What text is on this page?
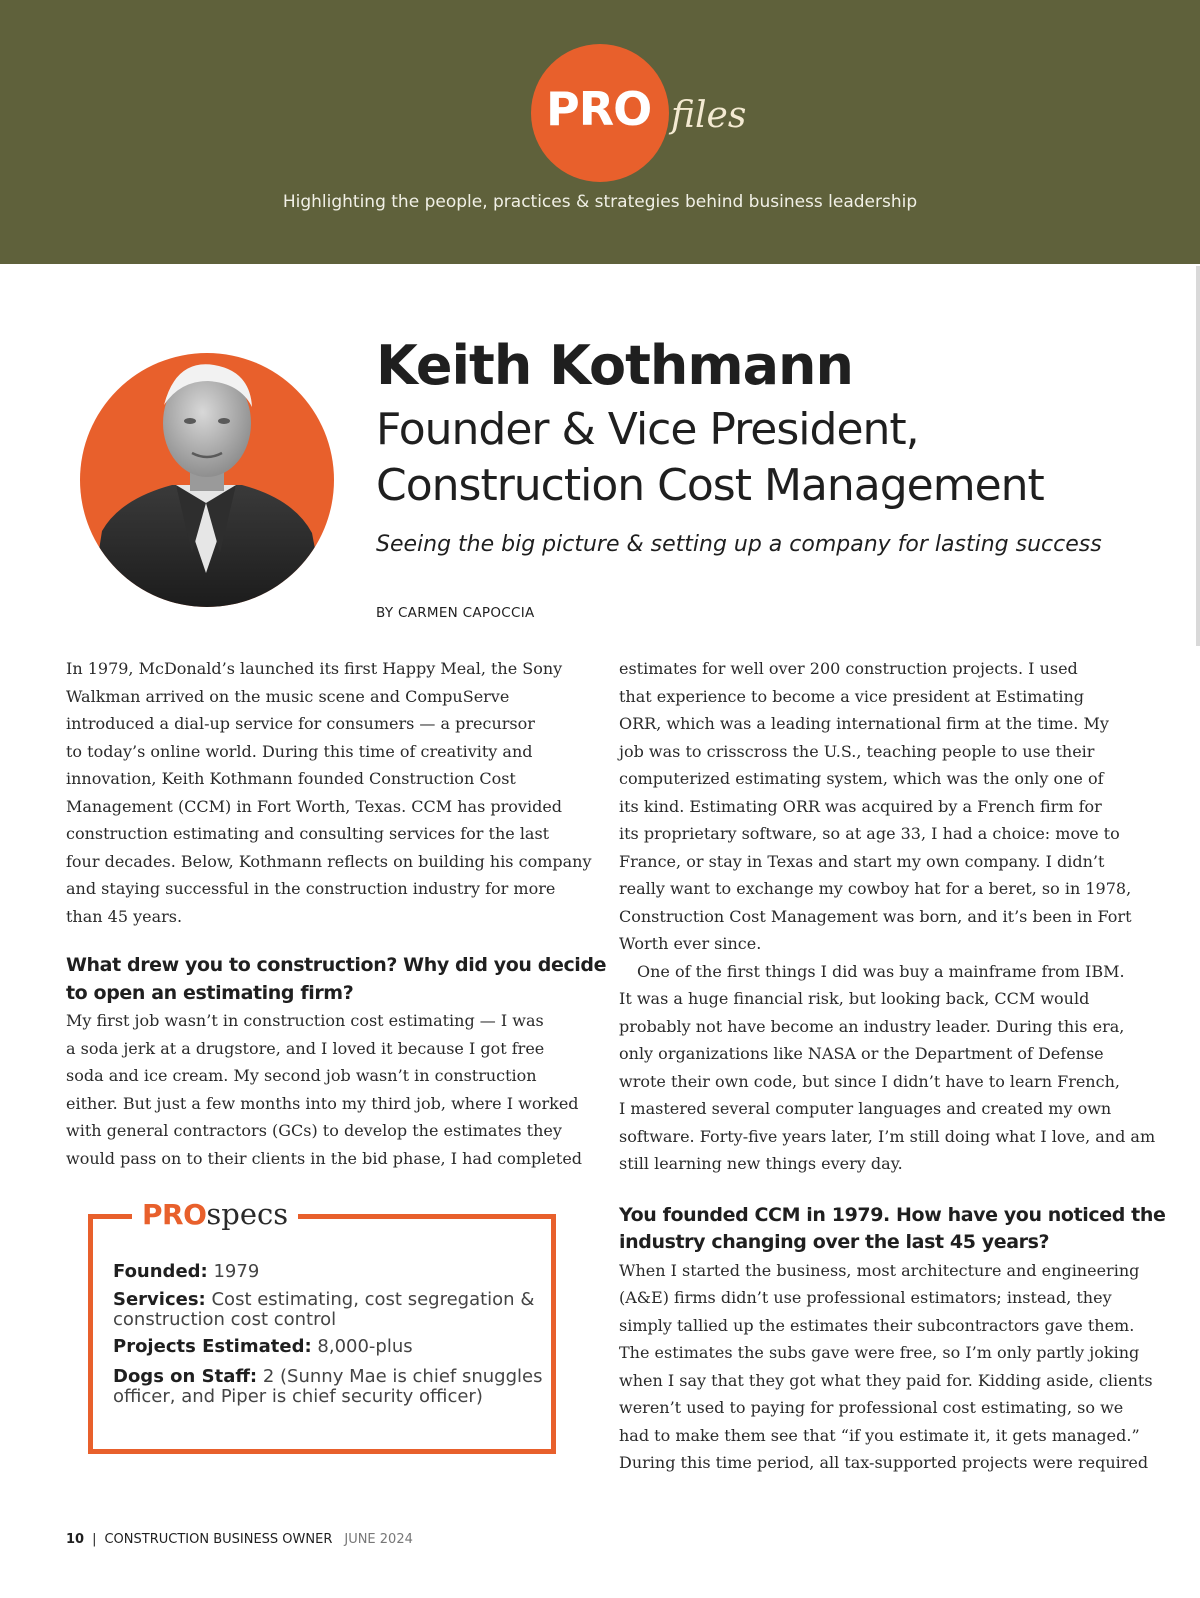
PRO files
Highlighting the people, practices & strategies behind business leadership
Keith Kothmann
Founder & Vice President,
Construction Cost Management
Seeing the big picture & setting up a company for lasting success
BY CARMEN CAPOCCIA
In 1979, McDonald’s launched its first Happy Meal, the Sony
Walkman arrived on the music scene and CompuServe
introduced a dial-up service for consumers — a precursor
to today’s online world. During this time of creativity and
innovation, Keith Kothmann founded Construction Cost
Management (CCM) in Fort Worth, Texas. CCM has provided
construction estimating and consulting services for the last
four decades. Below, Kothmann reflects on building his company
and staying successful in the construction industry for more
than 45 years.
What drew you to construction? Why did you decide
to open an estimating firm?
My first job wasn’t in construction cost estimating — I was
a soda jerk at a drugstore, and I loved it because I got free
soda and ice cream. My second job wasn’t in construction
either. But just a few months into my third job, where I worked
with general contractors (GCs) to develop the estimates they
would pass on to their clients in the bid phase, I had completed
PROspecs
Founded: 1979
Services: Cost estimating, cost segregation &
construction cost control
Projects Estimated: 8,000-plus
Dogs on Staff: 2 (Sunny Mae is chief snuggles
officer, and Piper is chief security officer)
estimates for well over 200 construction projects. I used
that experience to become a vice president at Estimating
ORR, which was a leading international firm at the time. My
job was to crisscross the U.S., teaching people to use their
computerized estimating system, which was the only one of
its kind. Estimating ORR was acquired by a French firm for
its proprietary software, so at age 33, I had a choice: move to
France, or stay in Texas and start my own company. I didn’t
really want to exchange my cowboy hat for a beret, so in 1978,
Construction Cost Management was born, and it’s been in Fort
Worth ever since.
One of the first things I did was buy a mainframe from IBM.
It was a huge financial risk, but looking back, CCM would
probably not have become an industry leader. During this era,
only organizations like NASA or the Department of Defense
wrote their own code, but since I didn’t have to learn French,
I mastered several computer languages and created my own
software. Forty-five years later, I’m still doing what I love, and am
still learning new things every day.
You founded CCM in 1979. How have you noticed the
industry changing over the last 45 years?
When I started the business, most architecture and engineering
(A&E) firms didn’t use professional estimators; instead, they
simply tallied up the estimates their subcontractors gave them.
The estimates the subs gave were free, so I’m only partly joking
when I say that they got what they paid for. Kidding aside, clients
weren’t used to paying for professional cost estimating, so we
had to make them see that “if you estimate it, it gets managed.”
During this time period, all tax-supported projects were required
10 | CONSTRUCTION BUSINESS OWNER JUNE 2024
